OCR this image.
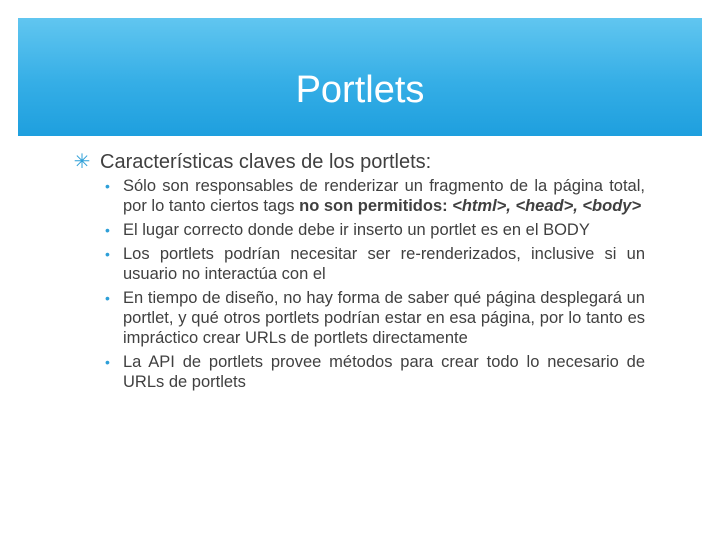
Portlets
✳ Características claves de los portlets:
• Sólo son responsables de renderizar un fragmento de la página total, por lo tanto ciertos tags no son permitidos: <html>, <head>, <body>
• El lugar correcto donde debe ir inserto un portlet es en el BODY
• Los portlets podrían necesitar ser re-renderizados, inclusive si un usuario no interactúa con el
• En tiempo de diseño, no hay forma de saber qué página desplegará un portlet, y qué otros portlets podrían estar en esa página, por lo tanto es impráctico crear URLs de portlets directamente
• La API de portlets provee métodos para crear todo lo necesario de URLs de portlets
